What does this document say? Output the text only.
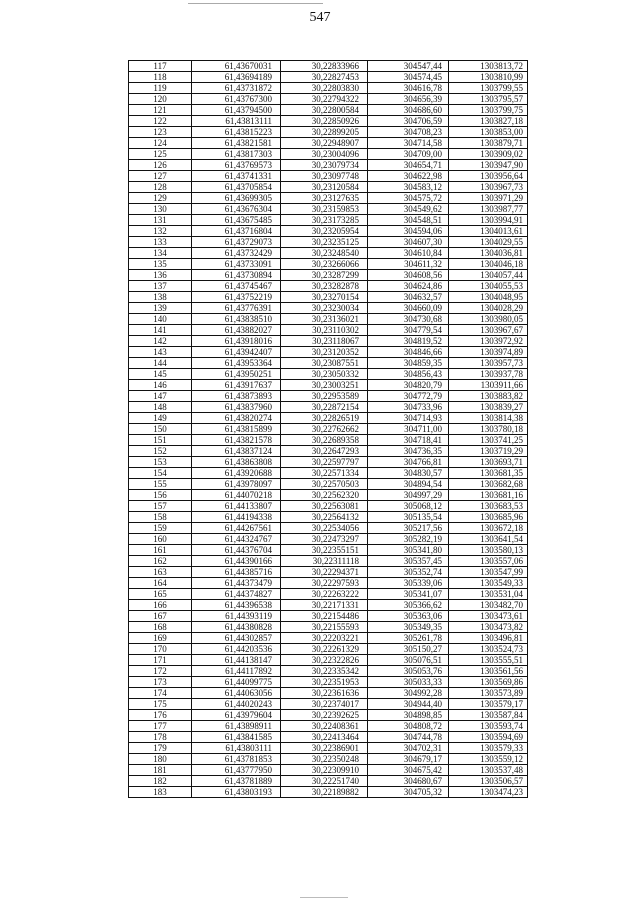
547
117	61,43670031	30,22833966	304547,44	1303813,72
118	61,43694189	30,22827453	304574,45	1303810,99
119	61,43731872	30,22803830	304616,78	1303799,55
120	61,43767300	30,22794322	304656,39	1303795,57
121	61,43794500	30,22800584	304686,60	1303799,75
122	61,43813111	30,22850926	304706,59	1303827,18
123	61,43815223	30,22899205	304708,23	1303853,00
124	61,43821581	30,22948907	304714,58	1303879,71
125	61,43817303	30,23004096	304709,00	1303909,02
126	61,43769573	30,23079734	304654,71	1303947,90
127	61,43741331	30,23097748	304622,98	1303956,64
128	61,43705854	30,23120584	304583,12	1303967,73
129	61,43699305	30,23127635	304575,72	1303971,29
130	61,43676304	30,23159853	304549,62	1303987,77
131	61,43675485	30,23173285	304548,51	1303994,91
132	61,43716804	30,23205954	304594,06	1304013,61
133	61,43729073	30,23235125	304607,30	1304029,55
134	61,43732429	30,23248540	304610,84	1304036,81
135	61,43733091	30,23266066	304611,32	1304046,18
136	61,43730894	30,23287299	304608,56	1304057,44
137	61,43745467	30,23282878	304624,86	1304055,53
138	61,43752219	30,23270154	304632,57	1304048,95
139	61,43776391	30,23230034	304660,09	1304028,29
140	61,43838510	30,23136021	304730,68	1303980,05
141	61,43882027	30,23110302	304779,54	1303967,67
142	61,43918016	30,23118067	304819,52	1303972,92
143	61,43942407	30,23120352	304846,66	1303974,89
144	61,43953364	30,23087551	304859,35	1303957,73
145	61,43950251	30,23050332	304856,43	1303937,78
146	61,43917637	30,23003251	304820,79	1303911,66
147	61,43873893	30,22953589	304772,79	1303883,82
148	61,43837960	30,22872154	304733,96	1303839,27
149	61,43820274	30,22826519	304714,93	1303814,38
150	61,43815899	30,22762662	304711,00	1303780,18
151	61,43821578	30,22689358	304718,41	1303741,25
152	61,43837124	30,22647293	304736,35	1303719,29
153	61,43863808	30,22597797	304766,81	1303693,71
154	61,43920688	30,22571334	304830,57	1303681,35
155	61,43978097	30,22570503	304894,54	1303682,68
156	61,44070218	30,22562320	304997,29	1303681,16
157	61,44133807	30,22563081	305068,12	1303683,53
158	61,44194338	30,22564132	305135,54	1303685,96
159	61,44267561	30,22534056	305217,56	1303672,18
160	61,44324767	30,22473297	305282,19	1303641,54
161	61,44376704	30,22355151	305341,80	1303580,13
162	61,44390166	30,22311118	305357,45	1303557,06
163	61,44385716	30,22294371	305352,74	1303547,99
164	61,44373479	30,22297593	305339,06	1303549,33
165	61,44374827	30,22263222	305341,07	1303531,04
166	61,44396538	30,22171331	305366,62	1303482,70
167	61,44393119	30,22154486	305363,06	1303473,61
168	61,44380828	30,22155593	305349,35	1303473,82
169	61,44302857	30,22203221	305261,78	1303496,81
170	61,44203536	30,22261329	305150,27	1303524,73
171	61,44138147	30,22322826	305076,51	1303555,51
172	61,44117892	30,22335342	305053,76	1303561,56
173	61,44099775	30,22351953	305033,33	1303569,86
174	61,44063056	30,22361636	304992,28	1303573,89
175	61,44020243	30,22374017	304944,40	1303579,17
176	61,43979604	30,22392625	304898,85	1303587,84
177	61,43898911	30,22408361	304808,72	1303593,74
178	61,43841585	30,22413464	304744,78	1303594,69
179	61,43803111	30,22386901	304702,31	1303579,33
180	61,43781853	30,22350248	304679,17	1303559,12
181	61,43777950	30,22309910	304675,42	1303537,48
182	61,43781889	30,22251740	304680,67	1303506,57
183	61,43803193	30,22189882	304705,32	1303474,23
